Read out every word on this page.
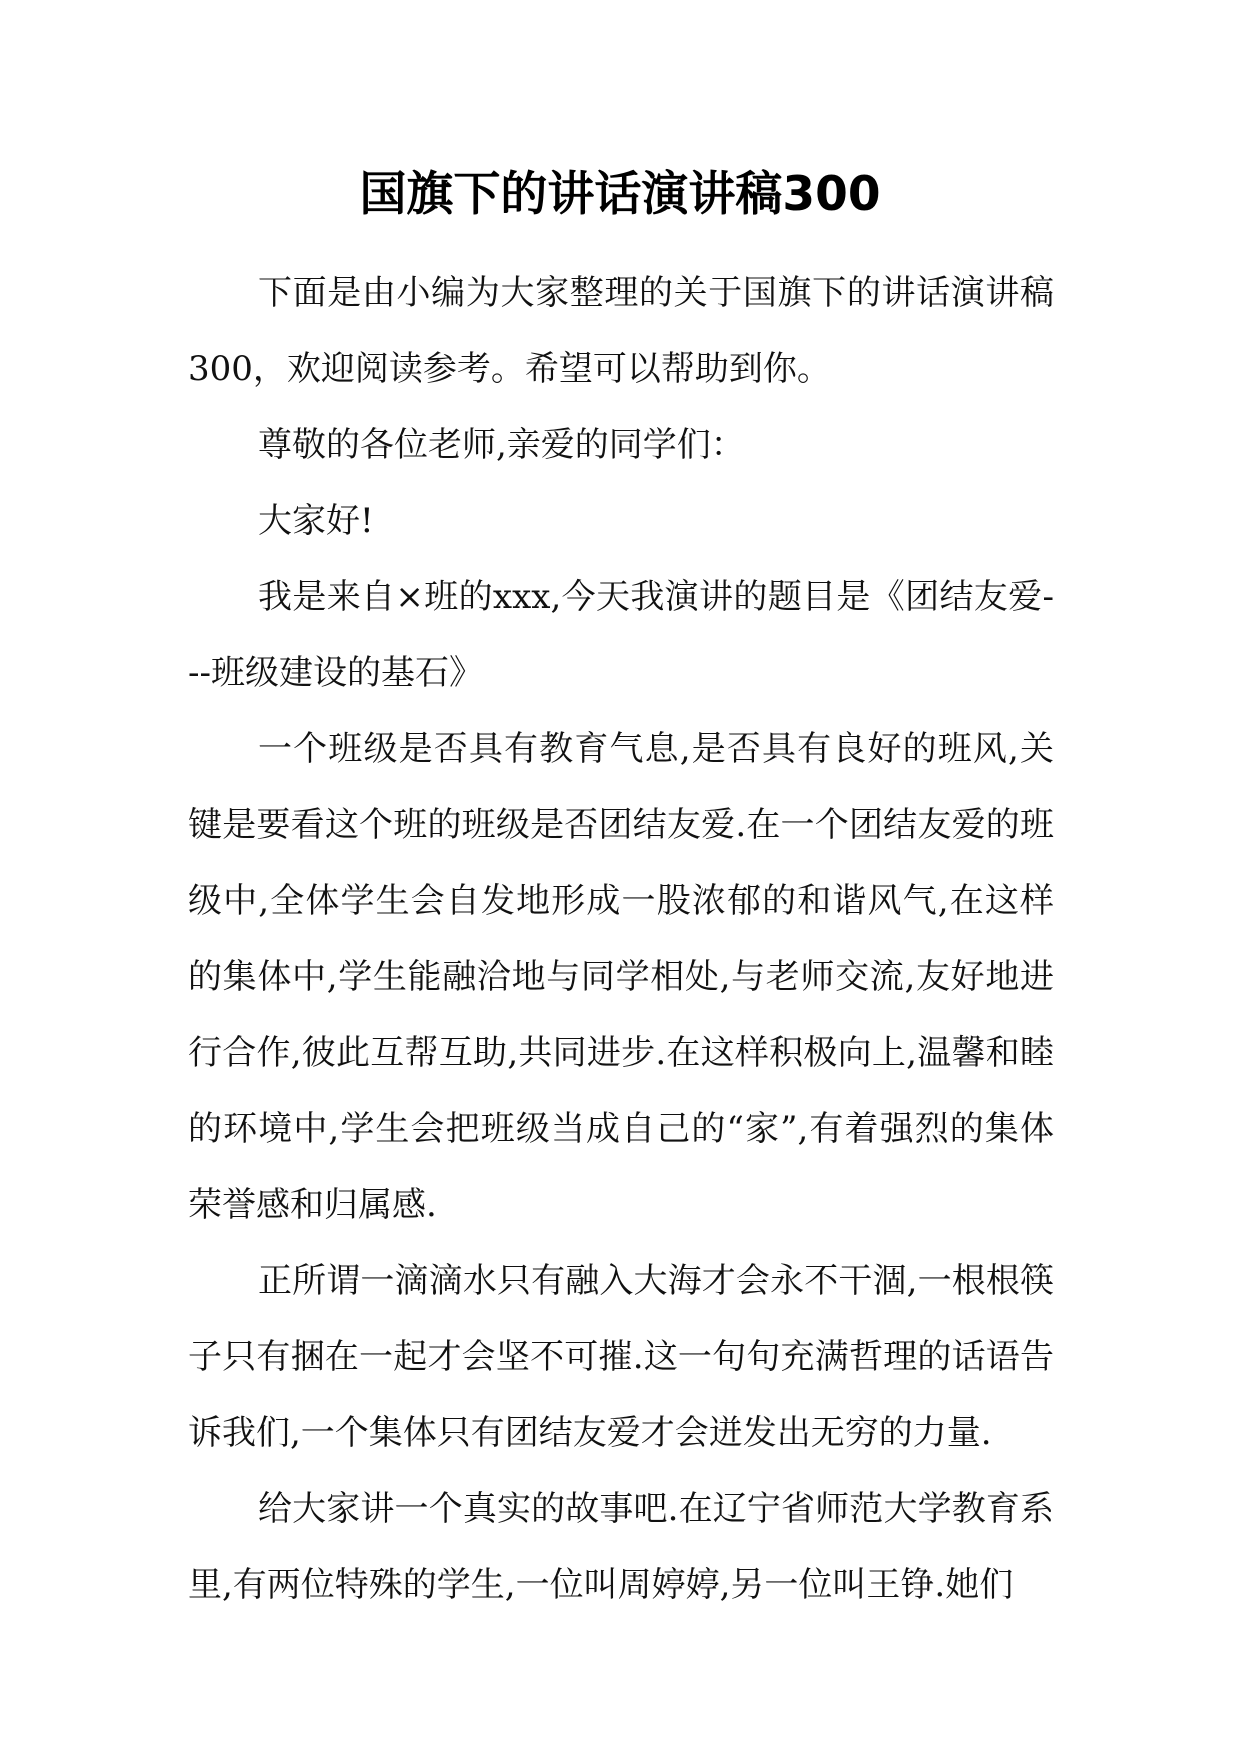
国旗下的讲话演讲稿300

下面是由小编为大家整理的关于国旗下的讲话演讲稿300，欢迎阅读参考。希望可以帮助到你。

尊敬的各位老师,亲爱的同学们：

大家好!

我是来自×班的xxx,今天我演讲的题目是《团结友爱---班级建设的基石》

一个班级是否具有教育气息,是否具有良好的班风,关键是要看这个班的班级是否团结友爱.在一个团结友爱的班级中,全体学生会自发地形成一股浓郁的和谐风气,在这样的集体中,学生能融洽地与同学相处,与老师交流,友好地进行合作,彼此互帮互助,共同进步.在这样积极向上,温馨和睦的环境中,学生会把班级当成自己的“家”,有着强烈的集体荣誉感和归属感.

正所谓一滴滴水只有融入大海才会永不干涸,一根根筷子只有捆在一起才会坚不可摧.这一句句充满哲理的话语告诉我们,一个集体只有团结友爱才会迸发出无穷的力量.

给大家讲一个真实的故事吧.在辽宁省师范大学教育系里,有两位特殊的学生,一位叫周婷婷,另一位叫王铮.她们
